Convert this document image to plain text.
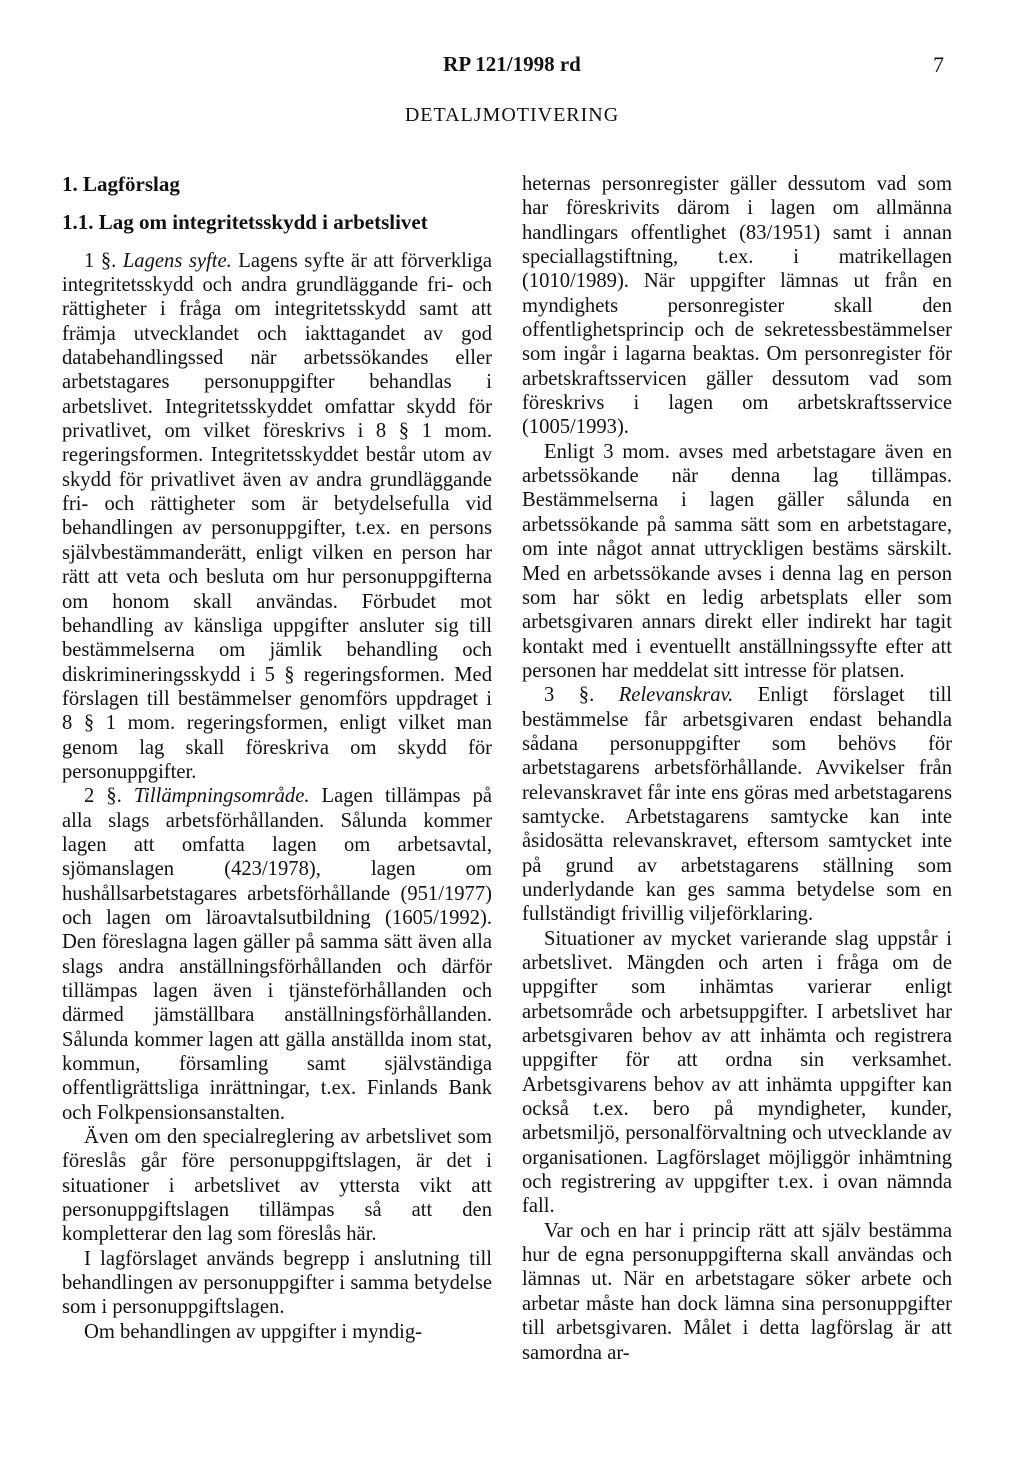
RP 121/1998 rd	7
DETALJMOTIVERING
1. Lagförslag
1.1. Lag om integritetsskydd i arbetslivet

1 §. Lagens syfte. Lagens syfte är att förverkliga integritetsskydd och andra grundläggande fri- och rättigheter i fråga om integritetsskydd samt att främja utvecklandet och iakttagandet av god databehandlingssed när arbetssökandes eller arbetstagares personuppgifter behandlas i arbetslivet. Integritetsskyddet omfattar skydd för privatlivet, om vilket föreskrivs i 8 § 1 mom. regeringsformen. Integritetsskyddet består utom av skydd för privatlivet även av andra grundläggande fri- och rättigheter som är betydelsefulla vid behandlingen av personuppgifter, t.ex. en persons självbestämmanderätt, enligt vilken en person har rätt att veta och besluta om hur personuppgifterna om honom skall användas. Förbudet mot behandling av känsliga uppgifter ansluter sig till bestämmelserna om jämlik behandling och diskrimineringsskydd i 5 § regeringsformen. Med förslagen till bestämmelser genomförs uppdraget i 8 § 1 mom. regeringsformen, enligt vilket man genom lag skall föreskriva om skydd för personuppgifter.

2 §. Tillämpningsområde. Lagen tillämpas på alla slags arbetsförhållanden. Sålunda kommer lagen att omfatta lagen om arbetsavtal, sjömanslagen (423/1978), lagen om hushållsarbetstagares arbetsförhållande (951/1977) och lagen om läroavtalsutbildning (1605/1992). Den föreslagna lagen gäller på samma sätt även alla slags andra anställningsförhållanden och därför tillämpas lagen även i tjänsteförhållanden och därmed jämställbara anställningsförhållanden. Sålunda kommer lagen att gälla anställda inom stat, kommun, församling samt självständiga offentligrättsliga inrättningar, t.ex. Finlands Bank och Folkpensionsanstalten.

Även om den specialreglering av arbetslivet som föreslås går före personuppgiftslagen, är det i situationer i arbetslivet av yttersta vikt att personuppgiftslagen tillämpas så att den kompletterar den lag som föreslås här.

I lagförslaget används begrepp i anslutning till behandlingen av personuppgifter i samma betydelse som i personuppgiftslagen.

Om behandlingen av uppgifter i myndig-

heternas personregister gäller dessutom vad som har föreskrivits därom i lagen om allmänna handlingars offentlighet (83/1951) samt i annan speciallagstiftning, t.ex. i matrikellagen (1010/1989). När uppgifter lämnas ut från en myndighets personregister skall den offentlighetsprincip och de sekretessbestämmelser som ingår i lagarna beaktas. Om personregister för arbetskraftsservicen gäller dessutom vad som föreskrivs i lagen om arbetskraftsservice (1005/1993).

Enligt 3 mom. avses med arbetstagare även en arbetssökande när denna lag tillämpas. Bestämmelserna i lagen gäller sålunda en arbetssökande på samma sätt som en arbetstagare, om inte något annat uttryckligen bestäms särskilt. Med en arbetssökande avses i denna lag en person som har sökt en ledig arbetsplats eller som arbetsgivaren annars direkt eller indirekt har tagit kontakt med i eventuellt anställningssyfte efter att personen har meddelat sitt intresse för platsen.

3 §. Relevanskrav. Enligt förslaget till bestämmelse får arbetsgivaren endast behandla sådana personuppgifter som behövs för arbetstagarens arbetsförhållande. Avvikelser från relevanskravet får inte ens göras med arbetstagarens samtycke. Arbetstagarens samtycke kan inte åsidosätta relevanskravet, eftersom samtycket inte på grund av arbetstagarens ställning som underlydande kan ges samma betydelse som en fullständigt frivillig viljeförklaring.

Situationer av mycket varierande slag uppstår i arbetslivet. Mängden och arten i fråga om de uppgifter som inhämtas varierar enligt arbetsområde och arbetsuppgifter. I arbetslivet har arbetsgivaren behov av att inhämta och registrera uppgifter för att ordna sin verksamhet. Arbetsgivarens behov av att inhämta uppgifter kan också t.ex. bero på myndigheter, kunder, arbetsmiljö, personalförvaltning och utvecklande av organisationen. Lagförslaget möjliggör inhämtning och registrering av uppgifter t.ex. i ovan nämnda fall.

Var och en har i princip rätt att själv bestämma hur de egna personuppgifterna skall användas och lämnas ut. När en arbetstagare söker arbete och arbetar måste han dock lämna sina personuppgifter till arbetsgivaren. Målet i detta lagförslag är att samordna ar-
